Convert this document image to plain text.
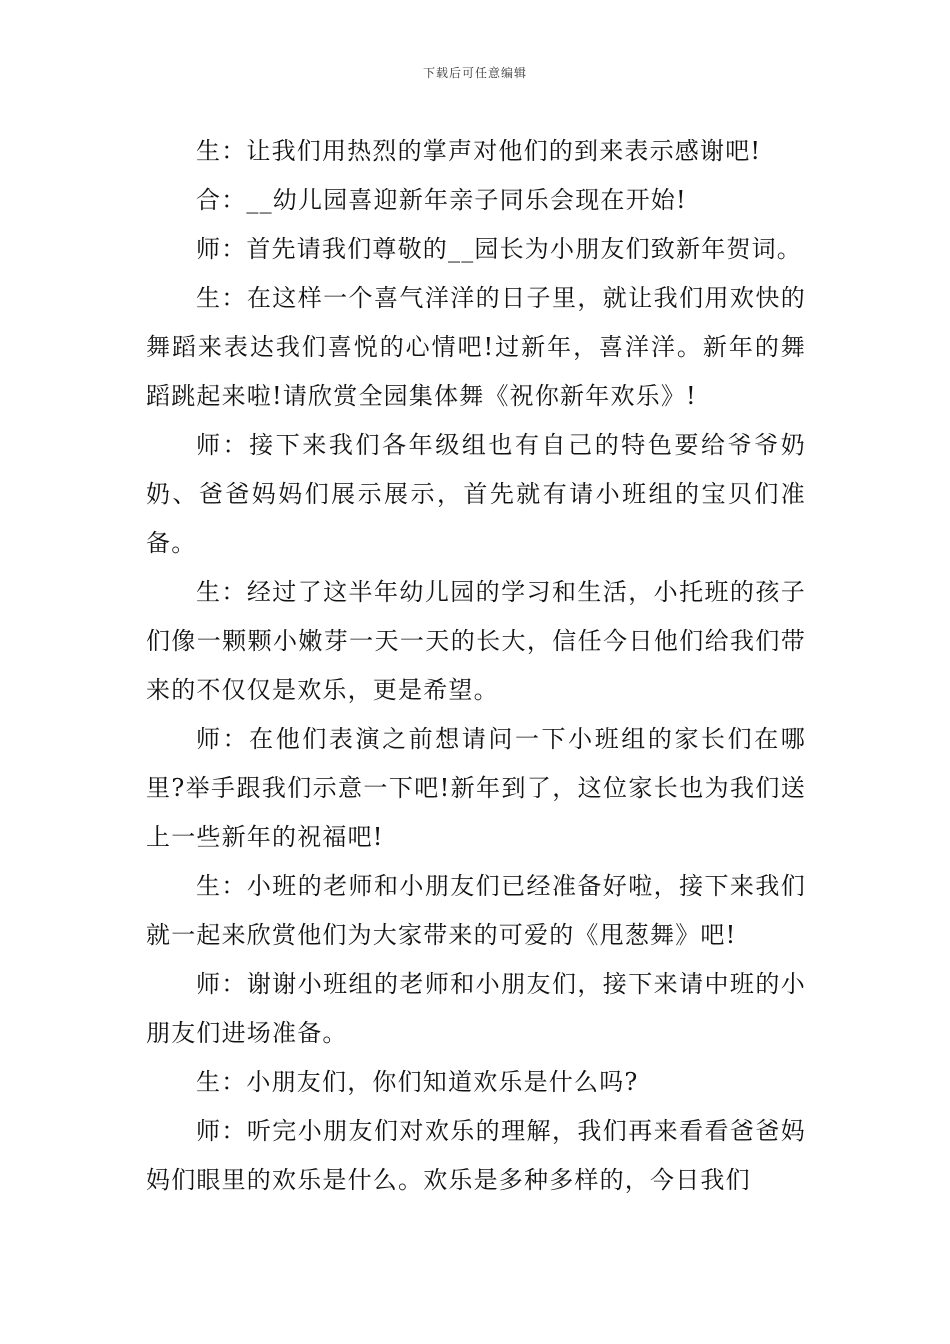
下载后可任意编辑

生：让我们用热烈的掌声对他们的到来表示感谢吧!

合：__幼儿园喜迎新年亲子同乐会现在开始!

师：首先请我们尊敬的__园长为小朋友们致新年贺词。

生：在这样一个喜气洋洋的日子里，就让我们用欢快的舞蹈来表达我们喜悦的心情吧!过新年，喜洋洋。新年的舞蹈跳起来啦!请欣赏全园集体舞《祝你新年欢乐》!

师：接下来我们各年级组也有自己的特色要给爷爷奶奶、爸爸妈妈们展示展示，首先就有请小班组的宝贝们准备。

生：经过了这半年幼儿园的学习和生活，小托班的孩子们像一颗颗小嫩芽一天一天的长大，信任今日他们给我们带来的不仅仅是欢乐，更是希望。

师：在他们表演之前想请问一下小班组的家长们在哪里?举手跟我们示意一下吧!新年到了，这位家长也为我们送上一些新年的祝福吧!

生：小班的老师和小朋友们已经准备好啦，接下来我们就一起来欣赏他们为大家带来的可爱的《甩葱舞》吧!

师：谢谢小班组的老师和小朋友们，接下来请中班的小朋友们进场准备。

生：小朋友们，你们知道欢乐是什么吗?

师：听完小朋友们对欢乐的理解，我们再来看看爸爸妈妈们眼里的欢乐是什么。欢乐是多种多样的，今日我们
